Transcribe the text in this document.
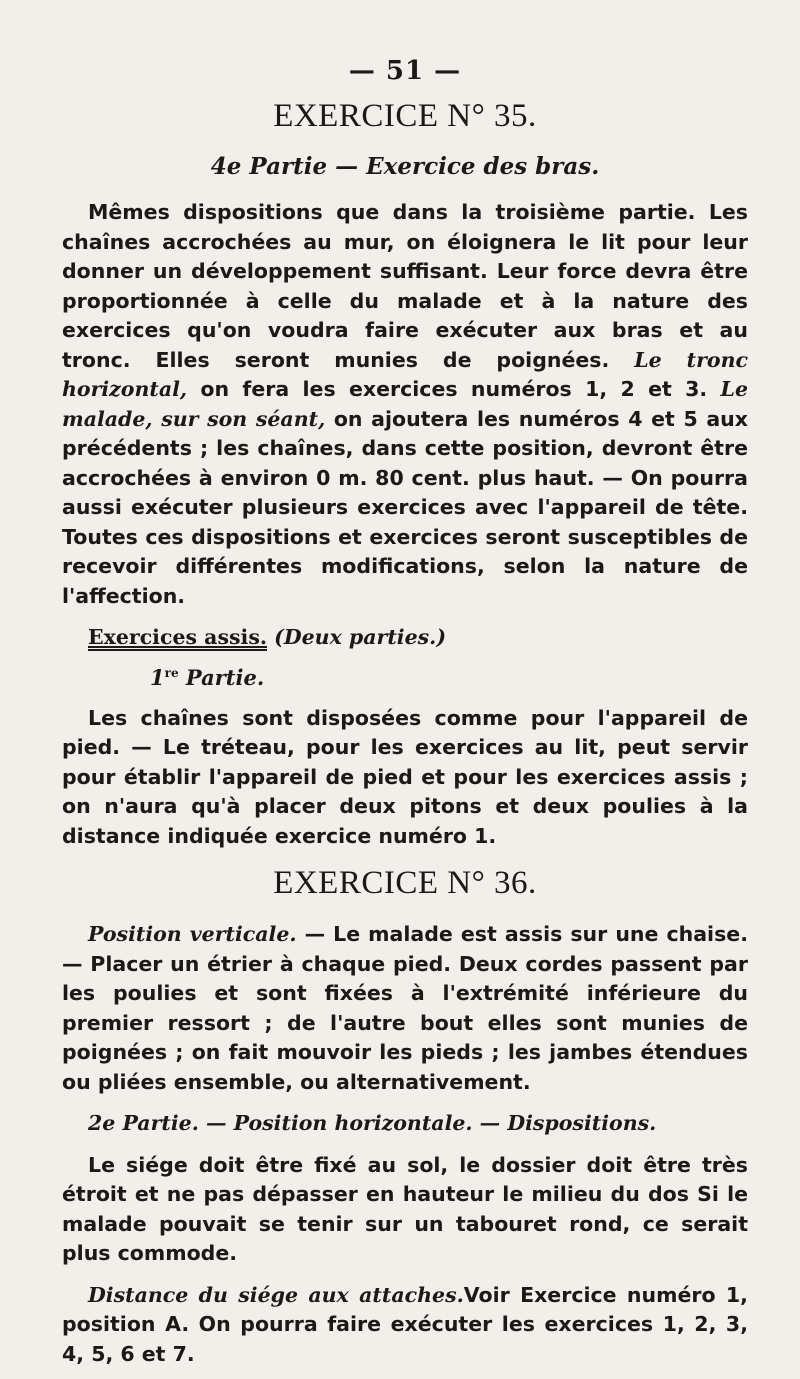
— 51 —
EXERCICE N° 35.
4e Partie — Exercice des bras.

Mêmes dispositions que dans la troisième partie. Les chaînes accrochées au mur, on éloignera le lit pour leur donner un développement suffisant. Leur force devra être proportionnée à celle du malade et à la nature des exercices qu'on voudra faire exécuter aux bras et au tronc. Elles seront munies de poignées. Le tronc horizontal, on fera les exercices numéros 1, 2 et 3. Le malade, sur son séant, on ajoutera les numéros 4 et 5 aux précédents ; les chaînes, dans cette position, devront être accrochées à environ 0 m. 80 cent. plus haut. — On pourra aussi exécuter plusieurs exercices avec l'appareil de tête. Toutes ces dispositions et exercices seront susceptibles de recevoir différentes modifications, selon la nature de l'affection.

Exercices assis. (Deux parties.)

1re Partie.

Les chaînes sont disposées comme pour l'appareil de pied. — Le tréteau, pour les exercices au lit, peut servir pour établir l'appareil de pied et pour les exercices assis ; on n'aura qu'à placer deux pitons et deux poulies à la distance indiquée exercice numéro 1.

EXERCICE N° 36.

Position verticale. — Le malade est assis sur une chaise. — Placer un étrier à chaque pied. Deux cordes passent par les poulies et sont fixées à l'extrémité inférieure du premier ressort ; de l'autre bout elles sont munies de poignées ; on fait mouvoir les pieds ; les jambes étendues ou pliées ensemble, ou alternativement.

2e Partie. — Position horizontale. — Dispositions.

Le siége doit être fixé au sol, le dossier doit être très étroit et ne pas dépasser en hauteur le milieu du dos Si le malade pouvait se tenir sur un tabouret rond, ce serait plus commode.

Distance du siége aux attaches.Voir Exercice numéro 1, position A. On pourra faire exécuter les exercices 1, 2, 3, 4, 5, 6 et 7.
